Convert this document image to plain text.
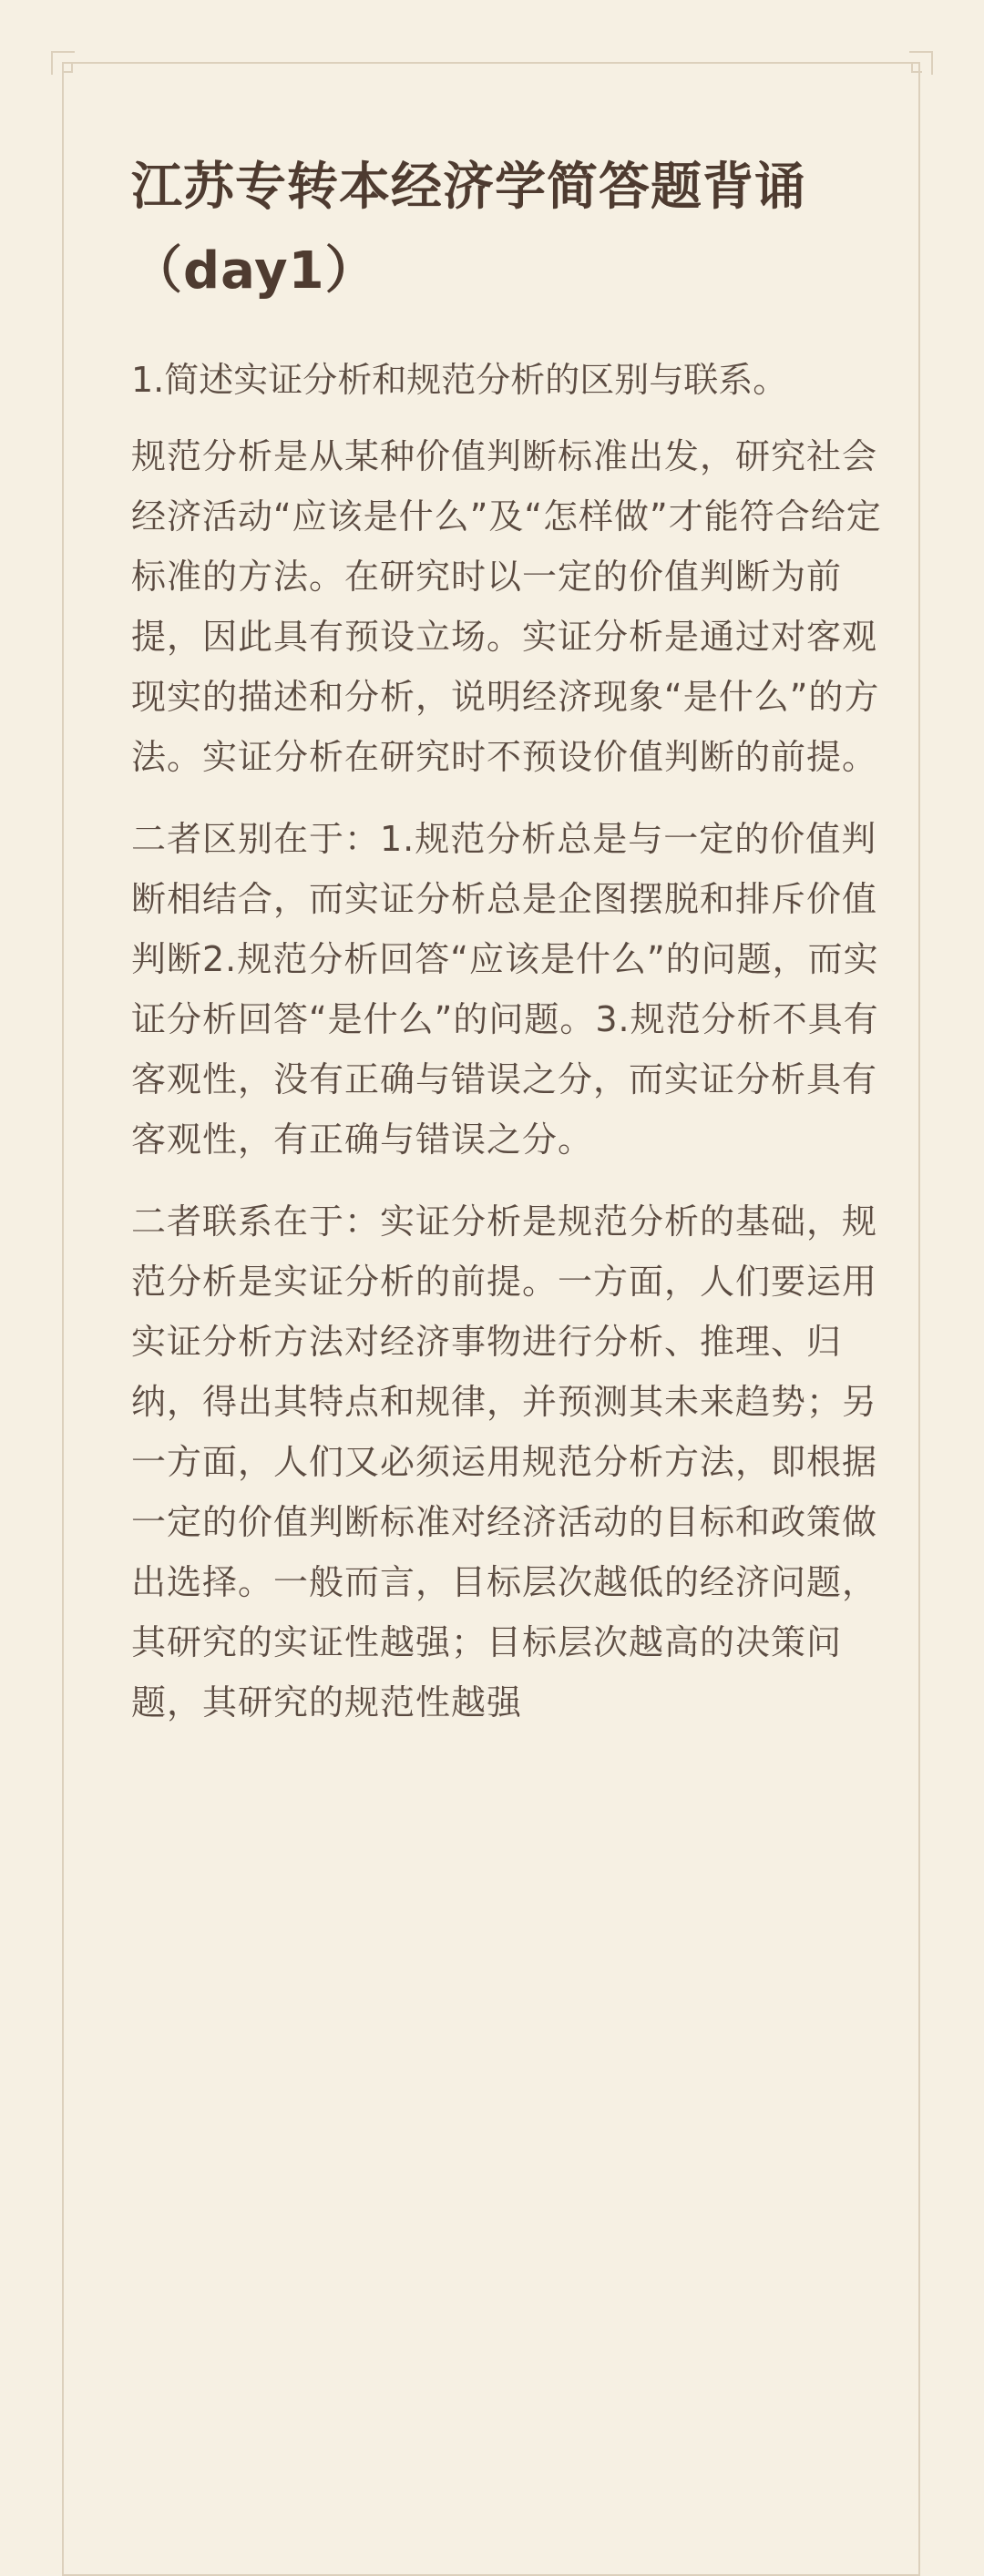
江苏专转本经济学简答题背诵（day1）

1.简述实证分析和规范分析的区别与联系。

规范分析是从某种价值判断标准出发，研究社会经济活动“应该是什么”及“怎样做”才能符合给定标准的方法。在研究时以一定的价值判断为前提，因此具有预设立场。实证分析是通过对客观现实的描述和分析，说明经济现象“是什么”的方法。实证分析在研究时不预设价值判断的前提。

二者区别在于：1.规范分析总是与一定的价值判断相结合，而实证分析总是企图摆脱和排斥价值判断2.规范分析回答“应该是什么”的问题，而实证分析回答“是什么”的问题。3.规范分析不具有客观性，没有正确与错误之分，而实证分析具有客观性，有正确与错误之分。

二者联系在于：实证分析是规范分析的基础，规范分析是实证分析的前提。一方面，人们要运用实证分析方法对经济事物进行分析、推理、归纳，得出其特点和规律，并预测其未来趋势；另一方面，人们又必须运用规范分析方法，即根据一定的价值判断标准对经济活动的目标和政策做出选择。一般而言，目标层次越低的经济问题，其研究的实证性越强；目标层次越高的决策问题，其研究的规范性越强
